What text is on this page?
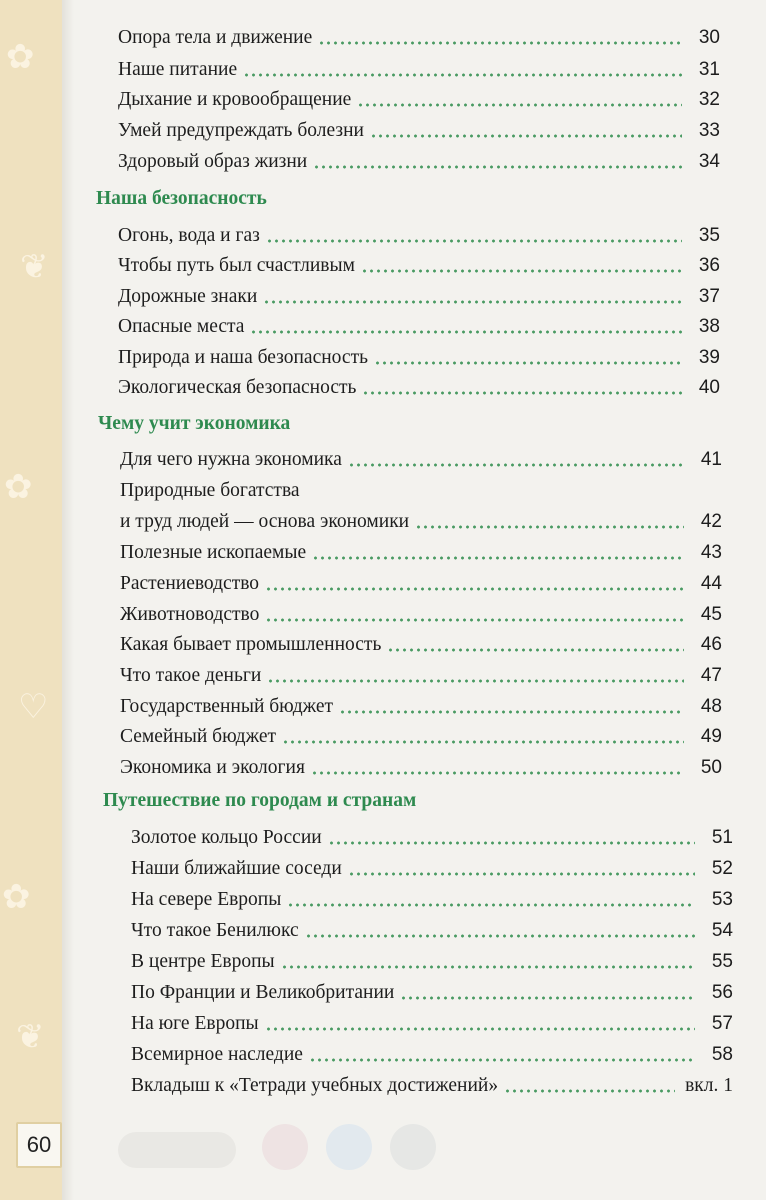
✿
❦
✿
♡
✿
❦
60
Опора тела и движение	30
Наше питание	31
Дыхание и кровообращение	32
Умей предупреждать болезни	33
Здоровый образ жизни	34
Наша безопасность
Огонь, вода и газ	35
Чтобы путь был счастливым	36
Дорожные знаки	37
Опасные места	38
Природа и наша безопасность	39
Экологическая безопасность	40
Чему учит экономика
Для чего нужна экономика	41
Природные богатства
и труд людей — основа экономики	42
Полезные ископаемые	43
Растениеводство	44
Животноводство	45
Какая бывает промышленность	46
Что такое деньги	47
Государственный бюджет	48
Семейный бюджет	49
Экономика и экология	50
Путешествие по городам и странам
Золотое кольцо России	51
Наши ближайшие соседи	52
На севере Европы	53
Что такое Бенилюкс	54
В центре Европы	55
По Франции и Великобритании	56
На юге Европы	57
Всемирное наследие	58
Вкладыш к «Тетради учебных достижений»	вкл. 1
